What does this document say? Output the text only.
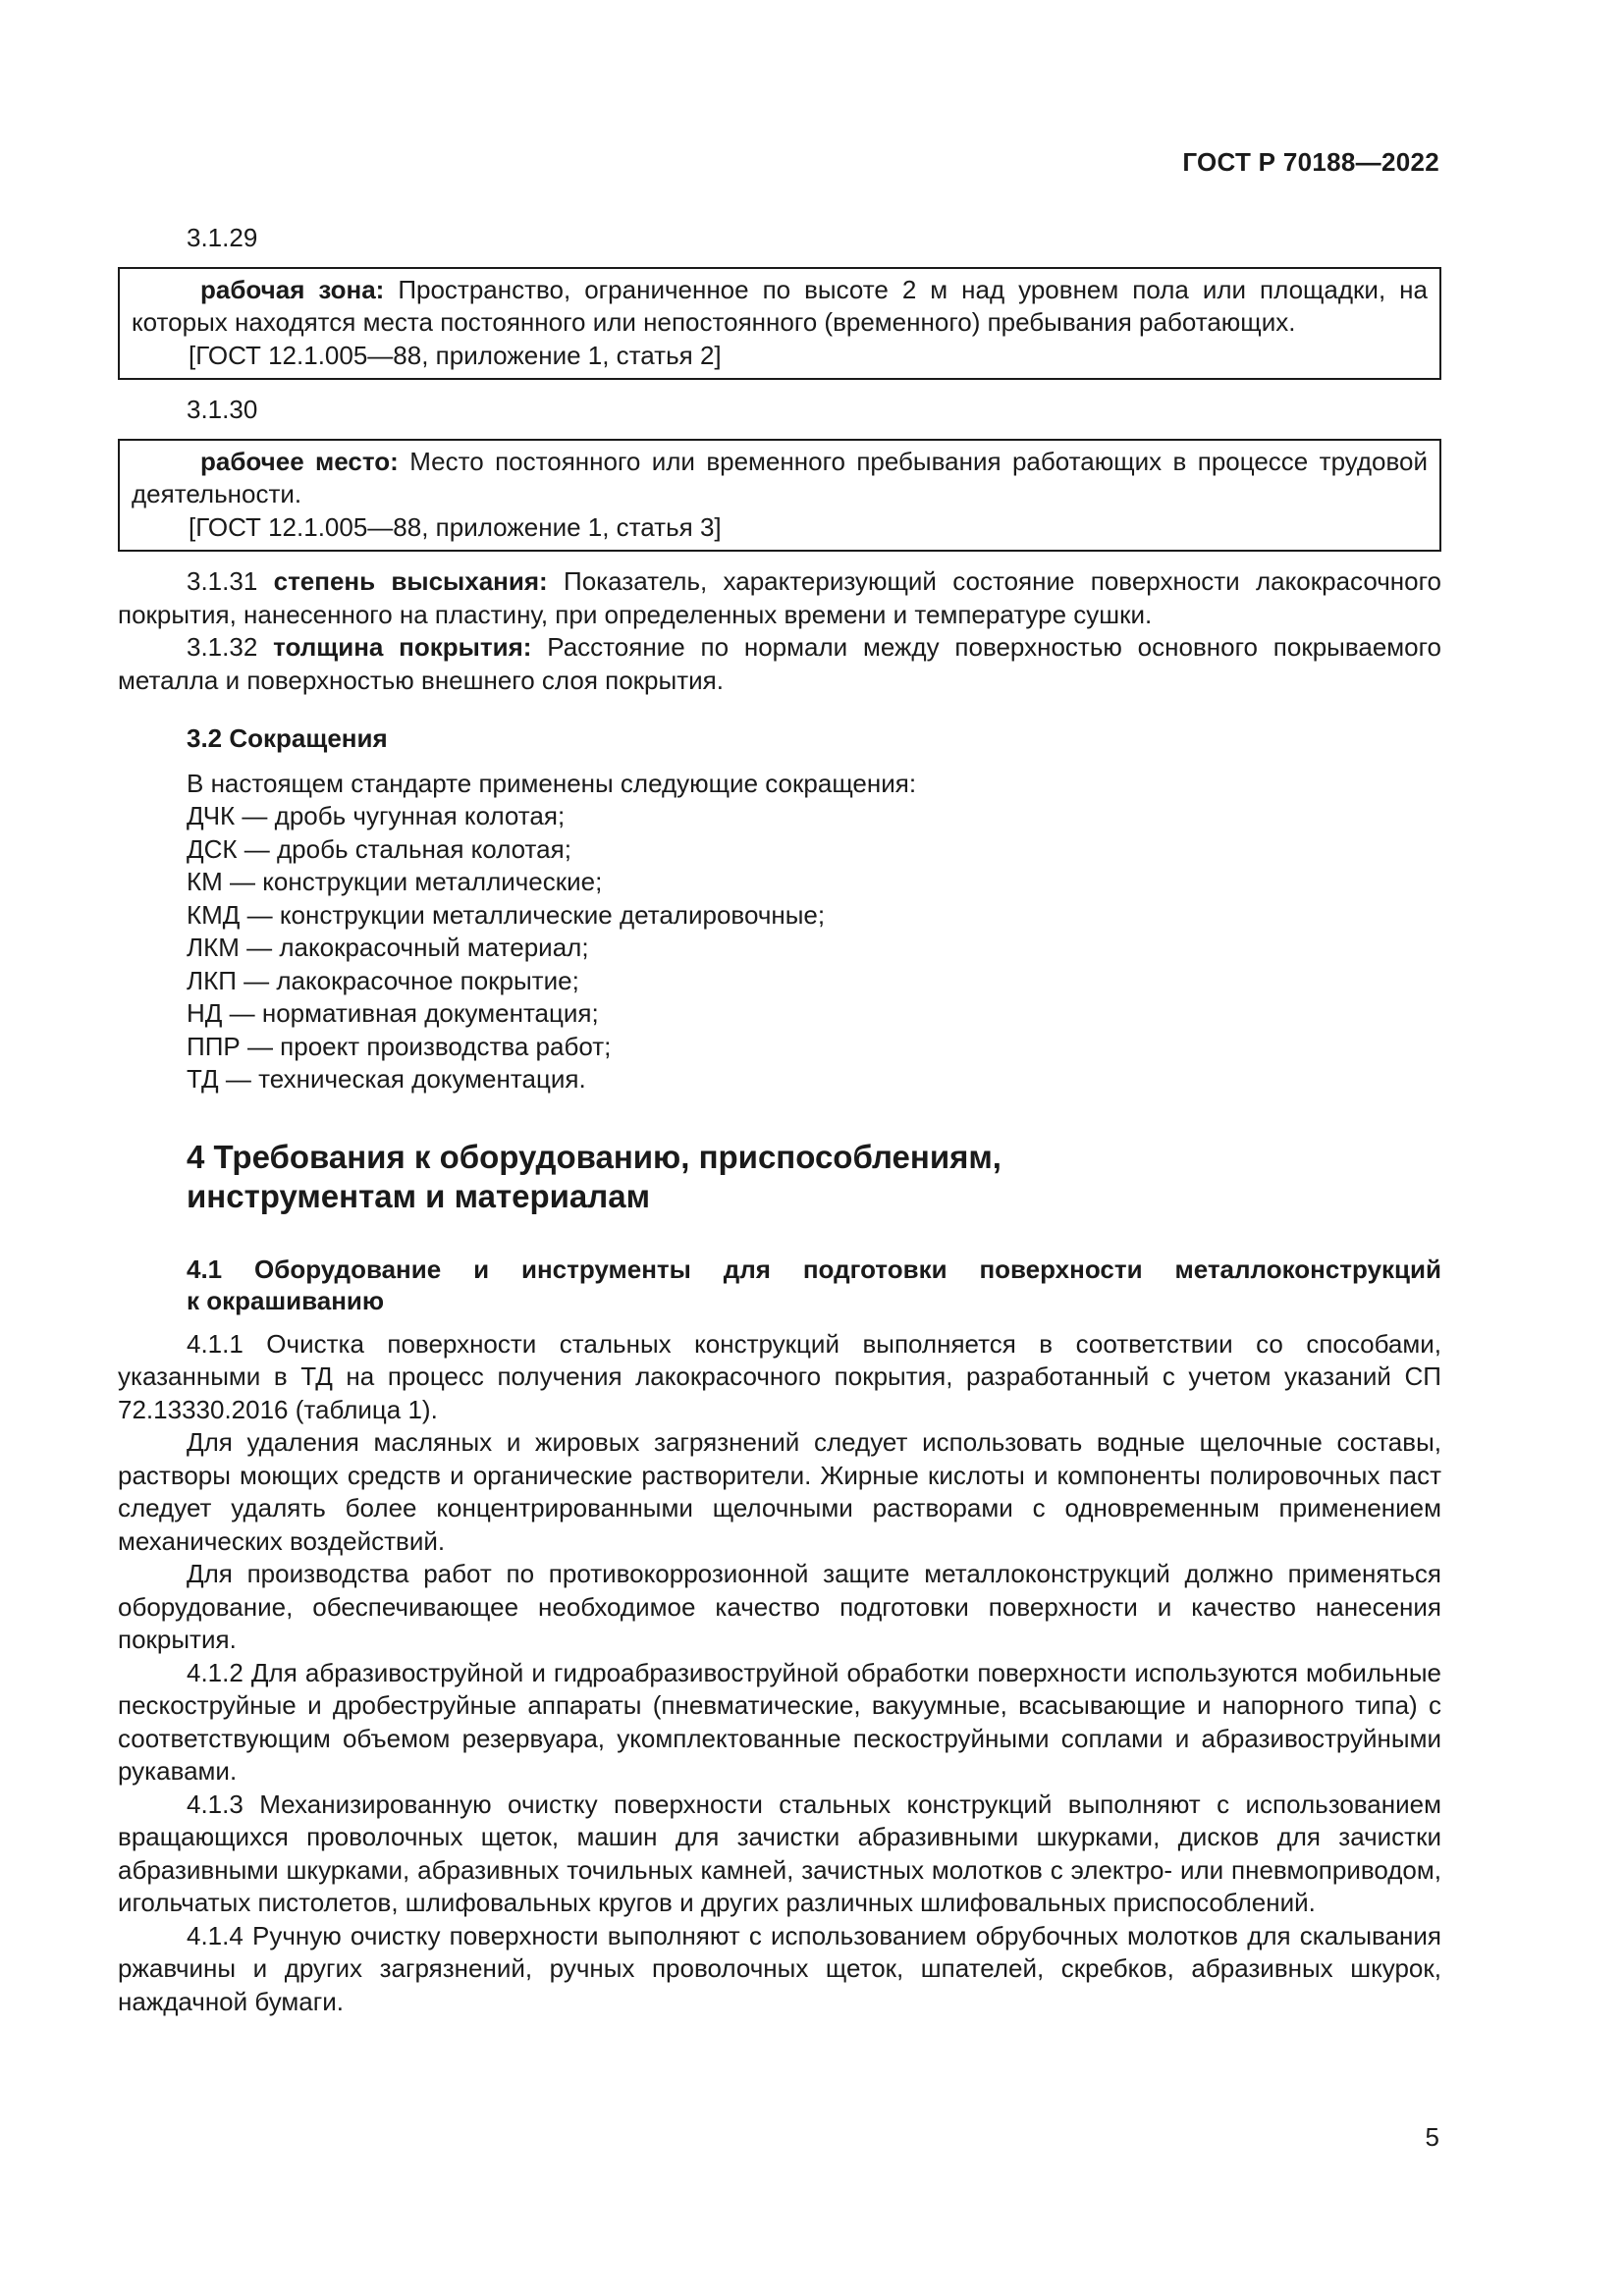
ГОСТ Р 70188—2022

3.1.29

рабочая зона: Пространство, ограниченное по высоте 2 м над уровнем пола или площадки, на которых находятся места постоянного или непостоянного (временного) пребывания работающих.

[ГОСТ 12.1.005—88, приложение 1, статья 2]

3.1.30

рабочее место: Место постоянного или временного пребывания работающих в процессе трудовой деятельности.

[ГОСТ 12.1.005—88, приложение 1, статья 3]

3.1.31 степень высыхания: Показатель, характеризующий состояние поверхности лакокрасочного покрытия, нанесенного на пластину, при определенных времени и температуре сушки.

3.1.32 толщина покрытия: Расстояние по нормали между поверхностью основного покрываемого металла и поверхностью внешнего слоя покрытия.

3.2 Сокращения
В настоящем стандарте применены следующие сокращения:
ДЧК — дробь чугунная колотая;
ДСК — дробь стальная колотая;
КМ — конструкции металлические;
КМД — конструкции металлические деталировочные;
ЛКМ — лакокрасочный материал;
ЛКП — лакокрасочное покрытие;
НД — нормативная документация;
ППР — проект производства работ;
ТД — техническая документация.
4 Требования к оборудованию, приспособлениям,
инструментам и материалам
4.1 Оборудование и инструменты для подготовки поверхности металлоконструкций
к окрашиванию

4.1.1 Очистка поверхности стальных конструкций выполняется в соответствии со способами, указанными в ТД на процесс получения лакокрасочного покрытия, разработанный с учетом указаний СП 72.13330.2016 (таблица 1).

Для удаления масляных и жировых загрязнений следует использовать водные щелочные составы, растворы моющих средств и органические растворители. Жирные кислоты и компоненты полировочных паст следует удалять более концентрированными щелочными растворами с одновременным применением механических воздействий.

Для производства работ по противокоррозионной защите металлоконструкций должно применяться оборудование, обеспечивающее необходимое качество подготовки поверхности и качество нанесения покрытия.

4.1.2 Для абразивоструйной и гидроабразивоструйной обработки поверхности используются мобильные пескоструйные и дробеструйные аппараты (пневматические, вакуумные, всасывающие и напорного типа) с соответствующим объемом резервуара, укомплектованные пескоструйными соплами и абразивоструйными рукавами.

4.1.3 Механизированную очистку поверхности стальных конструкций выполняют с использованием вращающихся проволочных щеток, машин для зачистки абразивными шкурками, дисков для зачистки абразивными шкурками, абразивных точильных камней, зачистных молотков с электро- или пневмоприводом, игольчатых пистолетов, шлифовальных кругов и других различных шлифовальных приспособлений.

4.1.4 Ручную очистку поверхности выполняют с использованием обрубочных молотков для скалывания ржавчины и других загрязнений, ручных проволочных щеток, шпателей, скребков, абразивных шкурок, наждачной бумаги.

5
